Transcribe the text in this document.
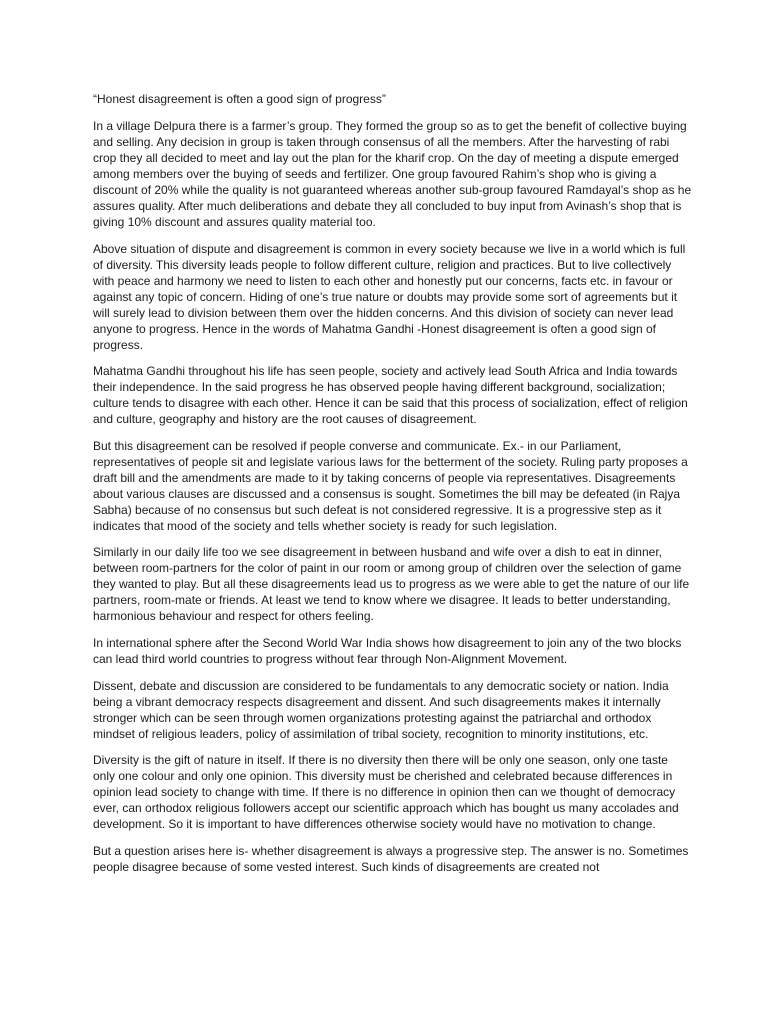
“Honest disagreement is often a good sign of progress”

In a village Delpura there is a farmer’s group. They formed the group so as to get the benefit of collective buying and selling. Any decision in group is taken through consensus of all the members. After the harvesting of rabi crop they all decided to meet and lay out the plan for the kharif crop. On the day of meeting a dispute emerged among members over the buying of seeds and fertilizer. One group favoured Rahim’s shop who is giving a discount of 20% while the quality is not guaranteed whereas another sub-group favoured Ramdayal’s shop as he assures quality. After much deliberations and debate they all concluded to buy input from Avinash’s shop that is giving 10% discount and assures quality material too.

Above situation of dispute and disagreement is common in every society because we live in a world which is full of diversity. This diversity leads people to follow different culture, religion and practices. But to live collectively with peace and harmony we need to listen to each other and honestly put our concerns, facts etc. in favour or against any topic of concern. Hiding of one’s true nature or doubts may provide some sort of agreements but it will surely lead to division between them over the hidden concerns. And this division of society can never lead anyone to progress. Hence in the words of Mahatma Gandhi -Honest disagreement is often a good sign of progress.

Mahatma Gandhi throughout his life has seen people, society and actively lead South Africa and India towards their independence. In the said progress he has observed people having different background, socialization; culture tends to disagree with each other. Hence it can be said that this process of socialization, effect of religion and culture, geography and history are the root causes of disagreement.

But this disagreement can be resolved if people converse and communicate. Ex.- in our Parliament, representatives of people sit and legislate various laws for the betterment of the society. Ruling party proposes a draft bill and the amendments are made to it by taking concerns of people via representatives. Disagreements about various clauses are discussed and a consensus is sought. Sometimes the bill may be defeated (in Rajya Sabha) because of no consensus but such defeat is not considered regressive. It is a progressive step as it indicates that mood of the society and tells whether society is ready for such legislation.

Similarly in our daily life too we see disagreement in between husband and wife over a dish to eat in dinner, between room-partners for the color of paint in our room or among group of children over the selection of game they wanted to play. But all these disagreements lead us to progress as we were able to get the nature of our life partners, room-mate or friends. At least we tend to know where we disagree. It leads to better understanding, harmonious behaviour and respect for others feeling.

In international sphere after the Second World War India shows how disagreement to join any of the two blocks can lead third world countries to progress without fear through Non-Alignment Movement.

Dissent, debate and discussion are considered to be fundamentals to any democratic society or nation. India being a vibrant democracy respects disagreement and dissent. And such disagreements makes it internally stronger which can be seen through women organizations protesting against the patriarchal and orthodox mindset of religious leaders, policy of assimilation of tribal society, recognition to minority institutions, etc.

Diversity is the gift of nature in itself. If there is no diversity then there will be only one season, only one taste only one colour and only one opinion. This diversity must be cherished and celebrated because differences in opinion lead society to change with time. If there is no difference in opinion then can we thought of democracy ever, can orthodox religious followers accept our scientific approach which has bought us many accolades and development. So it is important to have differences otherwise society would have no motivation to change.

But a question arises here is- whether disagreement is always a progressive step. The answer is no. Sometimes people disagree because of some vested interest. Such kinds of disagreements are created not
